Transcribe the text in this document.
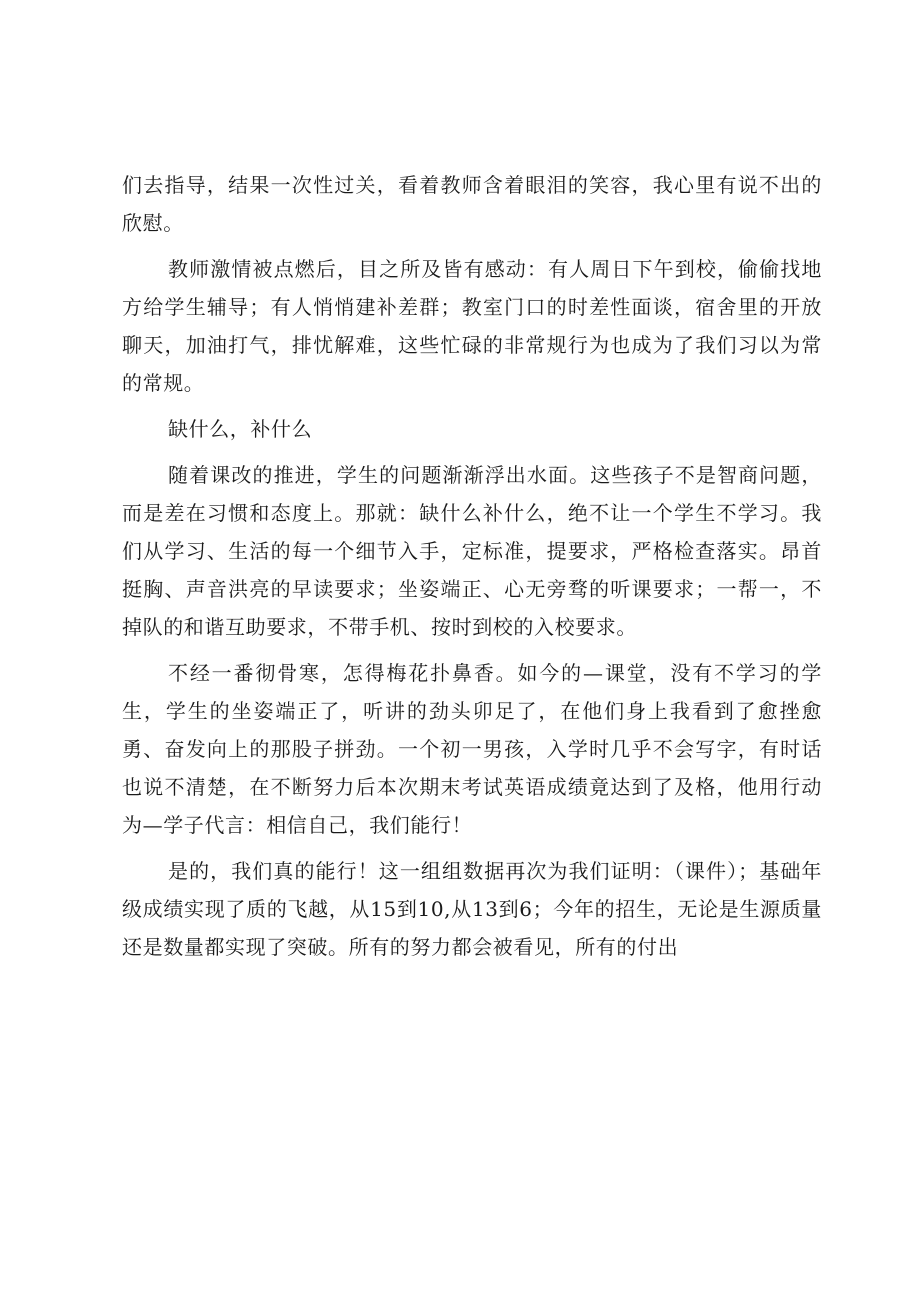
们去指导，结果一次性过关，看着教师含着眼泪的笑容，我心里有说不出的欣慰。

教师激情被点燃后，目之所及皆有感动：有人周日下午到校，偷偷找地方给学生辅导；有人悄悄建补差群；教室门口的时差性面谈，宿舍里的开放聊天，加油打气，排忧解难，这些忙碌的非常规行为也成为了我们习以为常的常规。

缺什么，补什么

随着课改的推进，学生的问题渐渐浮出水面。这些孩子不是智商问题，而是差在习惯和态度上。那就：缺什么补什么，绝不让一个学生不学习。我们从学习、生活的每一个细节入手，定标准，提要求，严格检查落实。昂首挺胸、声音洪亮的早读要求；坐姿端正、心无旁骛的听课要求；一帮一，不掉队的和谐互助要求，不带手机、按时到校的入校要求。

不经一番彻骨寒，怎得梅花扑鼻香。如今的—课堂，没有不学习的学生，学生的坐姿端正了，听讲的劲头卯足了，在他们身上我看到了愈挫愈勇、奋发向上的那股子拼劲。一个初一男孩，入学时几乎不会写字，有时话也说不清楚，在不断努力后本次期末考试英语成绩竟达到了及格，他用行动为—学子代言：相信自己，我们能行！

是的，我们真的能行！这一组组数据再次为我们证明：（课件）；基础年级成绩实现了质的飞越，从15到10,从13到6；今年的招生，无论是生源质量还是数量都实现了突破。所有的努力都会被看见，所有的付出
